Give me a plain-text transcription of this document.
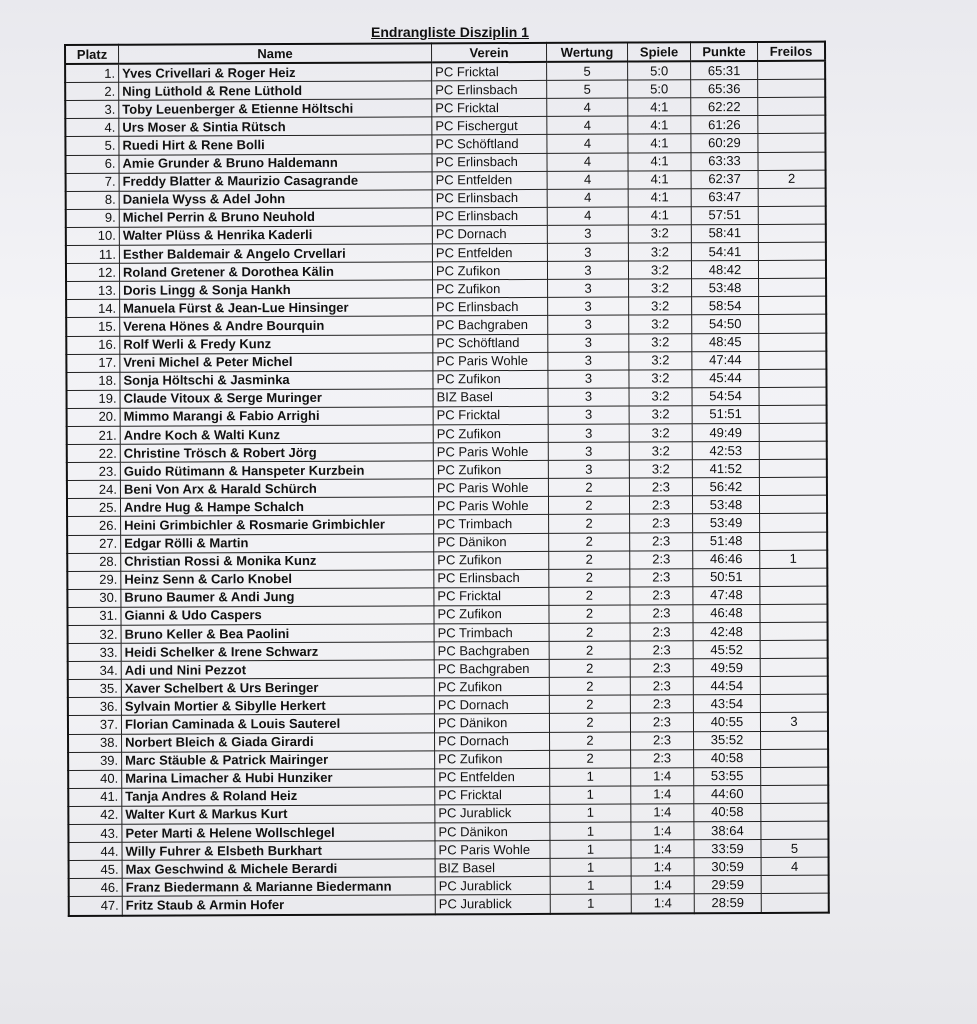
Endrangliste Disziplin 1
Platz	Name	Verein	Wertung	Spiele	Punkte	Freilos
1.	Yves Crivellari & Roger Heiz	PC Fricktal	5	5:0	65:31	
2.	Ning Lüthold & Rene Lüthold	PC Erlinsbach	5	5:0	65:36	
3.	Toby Leuenberger & Etienne Höltschi	PC Fricktal	4	4:1	62:22	
4.	Urs Moser & Sintia Rütsch	PC Fischergut	4	4:1	61:26	
5.	Ruedi Hirt & Rene Bolli	PC Schöftland	4	4:1	60:29	
6.	Amie Grunder & Bruno Haldemann	PC Erlinsbach	4	4:1	63:33	
7.	Freddy Blatter & Maurizio Casagrande	PC Entfelden	4	4:1	62:37	2
8.	Daniela Wyss & Adel John	PC Erlinsbach	4	4:1	63:47	
9.	Michel Perrin & Bruno Neuhold	PC Erlinsbach	4	4:1	57:51	
10.	Walter Plüss & Henrika Kaderli	PC Dornach	3	3:2	58:41	
11.	Esther Baldemair & Angelo Crvellari	PC Entfelden	3	3:2	54:41	
12.	Roland Gretener & Dorothea Kälin	PC Zufikon	3	3:2	48:42	
13.	Doris Lingg & Sonja Hankh	PC Zufikon	3	3:2	53:48	
14.	Manuela Fürst & Jean-Lue Hinsinger	PC Erlinsbach	3	3:2	58:54	
15.	Verena Hönes & Andre Bourquin	PC Bachgraben	3	3:2	54:50	
16.	Rolf Werli & Fredy Kunz	PC Schöftland	3	3:2	48:45	
17.	Vreni Michel & Peter Michel	PC Paris Wohle	3	3:2	47:44	
18.	Sonja Höltschi & Jasminka	PC Zufikon	3	3:2	45:44	
19.	Claude Vitoux & Serge Muringer	BIZ Basel	3	3:2	54:54	
20.	Mimmo Marangi & Fabio Arrighi	PC Fricktal	3	3:2	51:51	
21.	Andre Koch & Walti Kunz	PC Zufikon	3	3:2	49:49	
22.	Christine Trösch & Robert Jörg	PC Paris Wohle	3	3:2	42:53	
23.	Guido Rütimann & Hanspeter Kurzbein	PC Zufikon	3	3:2	41:52	
24.	Beni Von Arx & Harald Schürch	PC Paris Wohle	2	2:3	56:42	
25.	Andre Hug & Hampe Schalch	PC Paris Wohle	2	2:3	53:48	
26.	Heini Grimbichler & Rosmarie Grimbichler	PC Trimbach	2	2:3	53:49	
27.	Edgar Rölli & Martin	PC Dänikon	2	2:3	51:48	
28.	Christian Rossi & Monika Kunz	PC Zufikon	2	2:3	46:46	1
29.	Heinz Senn & Carlo Knobel	PC Erlinsbach	2	2:3	50:51	
30.	Bruno Baumer & Andi Jung	PC Fricktal	2	2:3	47:48	
31.	Gianni & Udo Caspers	PC Zufikon	2	2:3	46:48	
32.	Bruno Keller & Bea Paolini	PC Trimbach	2	2:3	42:48	
33.	Heidi Schelker & Irene Schwarz	PC Bachgraben	2	2:3	45:52	
34.	Adi und Nini Pezzot	PC Bachgraben	2	2:3	49:59	
35.	Xaver Schelbert & Urs Beringer	PC Zufikon	2	2:3	44:54	
36.	Sylvain Mortier & Sibylle Herkert	PC Dornach	2	2:3	43:54	
37.	Florian Caminada & Louis Sauterel	PC Dänikon	2	2:3	40:55	3
38.	Norbert Bleich & Giada Girardi	PC Dornach	2	2:3	35:52	
39.	Marc Stäuble & Patrick Mairinger	PC Zufikon	2	2:3	40:58	
40.	Marina Limacher & Hubi Hunziker	PC Entfelden	1	1:4	53:55	
41.	Tanja Andres & Roland Heiz	PC Fricktal	1	1:4	44:60	
42.	Walter Kurt & Markus Kurt	PC Jurablick	1	1:4	40:58	
43.	Peter Marti & Helene Wollschlegel	PC Dänikon	1	1:4	38:64	
44.	Willy Fuhrer & Elsbeth Burkhart	PC Paris Wohle	1	1:4	33:59	5
45.	Max Geschwind & Michele Berardi	BIZ Basel	1	1:4	30:59	4
46.	Franz Biedermann & Marianne Biedermann	PC Jurablick	1	1:4	29:59	
47.	Fritz Staub & Armin Hofer	PC Jurablick	1	1:4	28:59	
